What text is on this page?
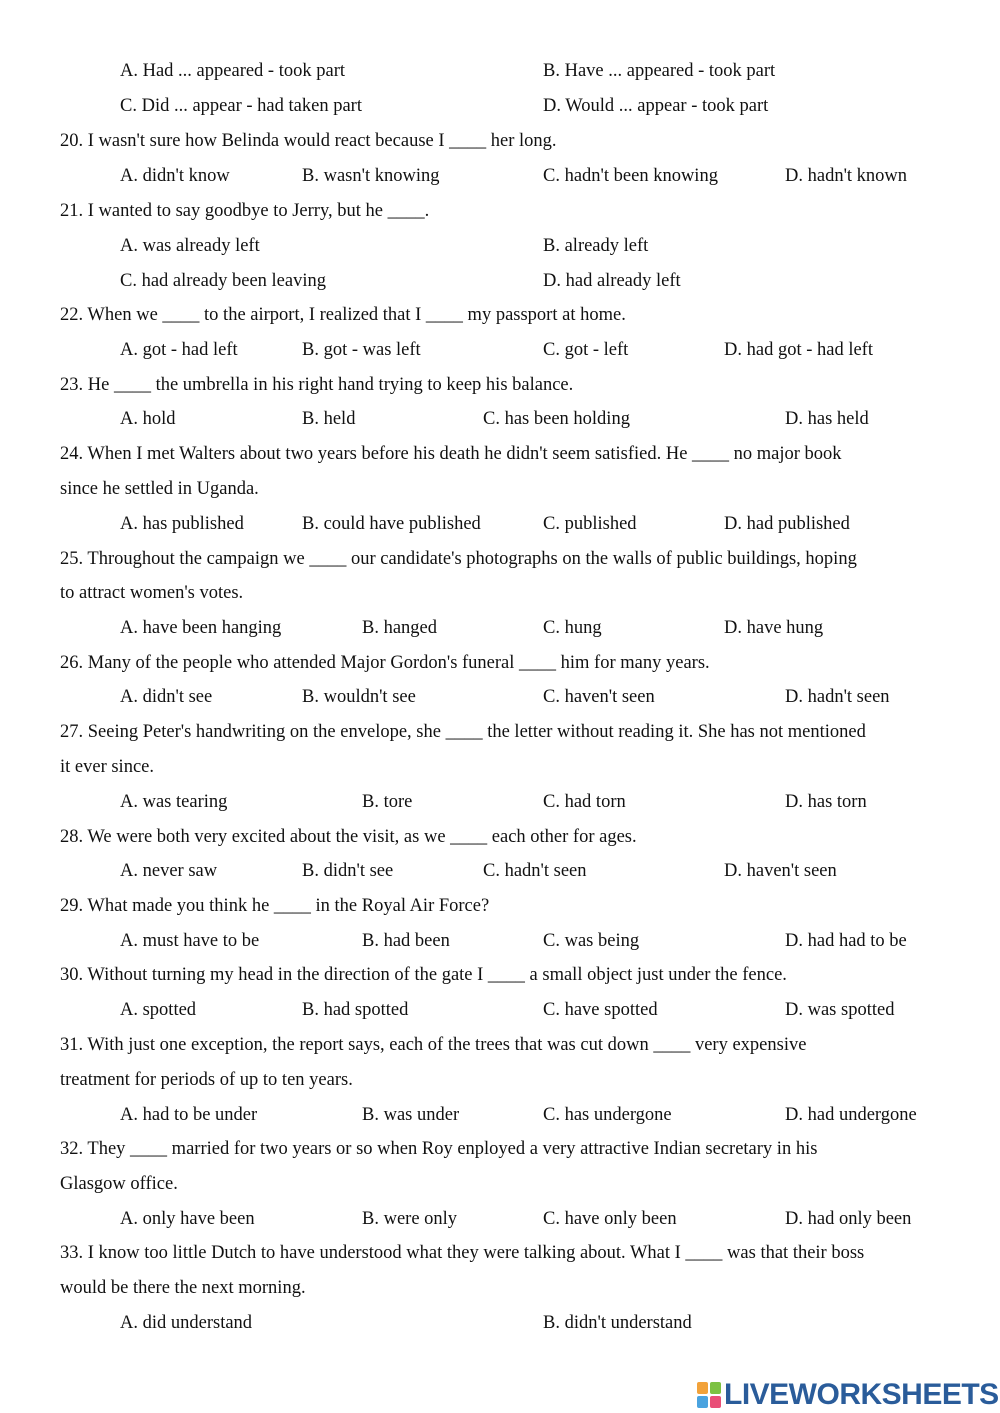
A. Had ... appeared - took part	B. Have ... appeared - took part
C. Did ... appear - had taken part	D. Would ... appear - took part
20. I wasn't sure how Belinda would react because I ____ her long.
A. didn't know	B. wasn't knowing	C. hadn't been knowing	D. hadn't known
21. I wanted to say goodbye to Jerry, but he ____.
A. was already left	B. already left
C. had already been leaving	D. had already left
22. When we ____ to the airport, I realized that I ____ my passport at home.
A. got - had left	B. got - was left	C. got - left	D. had got - had left
23. He ____ the umbrella in his right hand trying to keep his balance.
A. hold	B. held	C. has been holding	D. has held
24. When I met Walters about two years before his death he didn't seem satisfied. He ____ no major book
since he settled in Uganda.
A. has published	B. could have published	C. published	D. had published
25. Throughout the campaign we ____ our candidate's photographs on the walls of public buildings, hoping
to attract women's votes.
A. have been hanging	B. hanged	C. hung	D. have hung
26. Many of the people who attended Major Gordon's funeral ____ him for many years.
A. didn't see	B. wouldn't see	C. haven't seen	D. hadn't seen
27. Seeing Peter's handwriting on the envelope, she ____ the letter without reading it. She has not mentioned
it ever since.
A. was tearing	B. tore	C. had torn	D. has torn
28. We were both very excited about the visit, as we ____ each other for ages.
A. never saw	B. didn't see	C. hadn't seen	D. haven't seen
29. What made you think he ____ in the Royal Air Force?
A. must have to be	B. had been	C. was being	D. had had to be
30. Without turning my head in the direction of the gate I ____ a small object just under the fence.
A. spotted	B. had spotted	C. have spotted	D. was spotted
31. With just one exception, the report says, each of the trees that was cut down ____ very expensive
treatment for periods of up to ten years.
A. had to be under	B. was under	C. has undergone	D. had undergone
32. They ____ married for two years or so when Roy enployed a very attractive Indian secretary in his
Glasgow office.
A. only have been	B. were only	C. have only been	D. had only been
33. I know too little Dutch to have understood what they were talking about. What I ____ was that their boss
would be there the next morning.
A. did understand	B. didn't understand
LIVEWORKSHEETS
